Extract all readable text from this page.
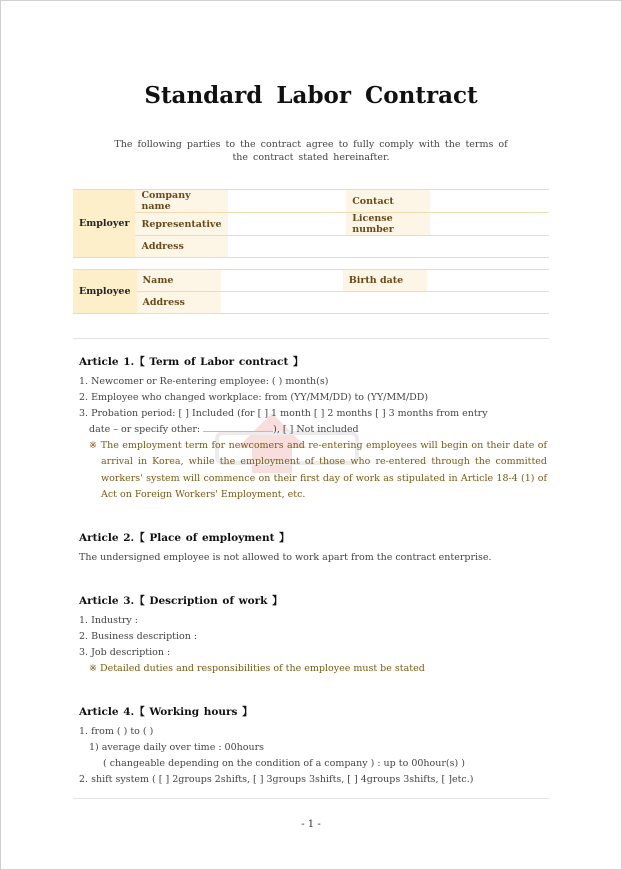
Standard Labor Contract
The following parties to the contract agree to fully comply with the terms of the contract stated hereinafter.
Employer	Company name		Contact	
	Representative		License number	
	Address			
Employee	Name		Birth date	
	Address			
Article 1.【 Term of Labor contract 】
1. Newcomer or Re-entering employee: ( ) month(s)
2. Employee who changed workplace: from (YY/MM/DD) to (YY/MM/DD)
3. Probation period: [ ] Included (for [ ] 1 month [ ] 2 months [ ] 3 months from entry
date – or specify other:	), [ ] Not included
※ The employment term for newcomers and re-entering employees will begin on their date of arrival in Korea, while the employment of those who re-entered through the committed workers' system will commence on their first day of work as stipulated in Article 18-4 (1) of Act on Foreign Workers' Employment, etc.
Article 2.【 Place of employment 】
The undersigned employee is not allowed to work apart from the contract enterprise.
Article 3.【 Description of work 】
1. Industry :
2. Business description :
3. Job description :
※ Detailed duties and responsibilities of the employee must be stated
Article 4.【 Working hours 】
1. from ( ) to ( )
1) average daily over time : 00hours
( changeable depending on the condition of a company ) : up to 00hour(s) )
2. shift system ( [ ] 2groups 2shifts, [ ] 3groups 3shifts, [ ] 4groups 3shifts, [ ]etc.)
- 1 -
